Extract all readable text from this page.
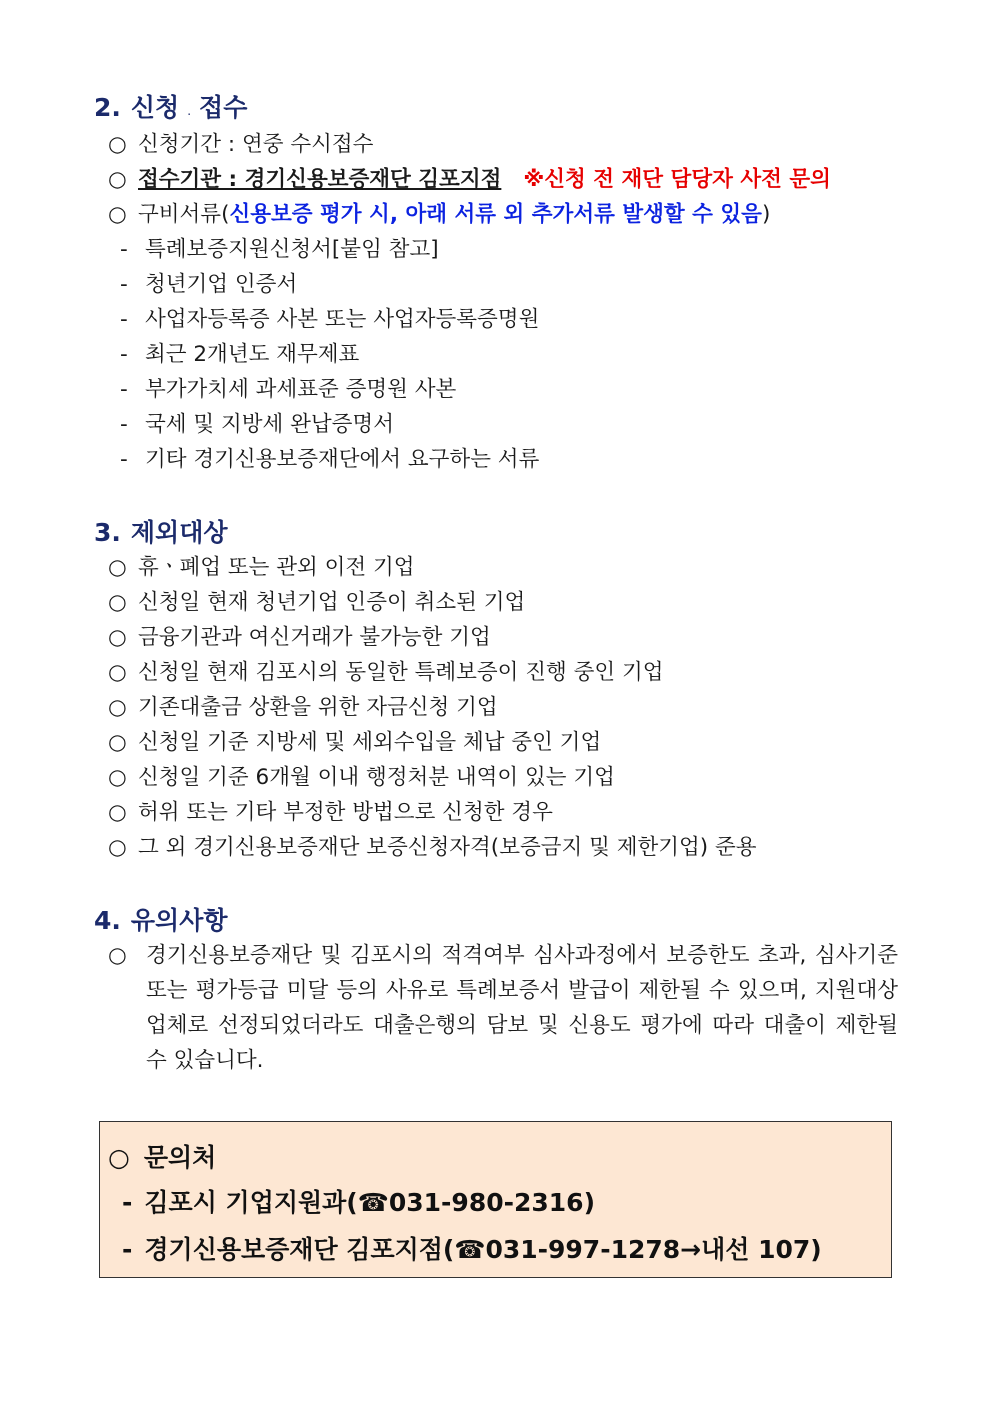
2. 신청 . 접수
○ 신청기간 : 연중 수시접수
○ 접수기관 : 경기신용보증재단 김포지점 ※신청 전 재단 담당자 사전 문의
○ 구비서류(신용보증 평가 시, 아래 서류 외 추가서류 발생할 수 있음)
- 특례보증지원신청서[붙임 참고]
- 청년기업 인증서
- 사업자등록증 사본 또는 사업자등록증명원
- 최근 2개년도 재무제표
- 부가가치세 과세표준 증명원 사본
- 국세 및 지방세 완납증명서
- 기타 경기신용보증재단에서 요구하는 서류
3. 제외대상
○ 휴ㆍ폐업 또는 관외 이전 기업
○ 신청일 현재 청년기업 인증이 취소된 기업
○ 금융기관과 여신거래가 불가능한 기업
○ 신청일 현재 김포시의 동일한 특례보증이 진행 중인 기업
○ 기존대출금 상환을 위한 자금신청 기업
○ 신청일 기준 지방세 및 세외수입을 체납 중인 기업
○ 신청일 기준 6개월 이내 행정처분 내역이 있는 기업
○ 허위 또는 기타 부정한 방법으로 신청한 경우
○ 그 외 경기신용보증재단 보증신청자격(보증금지 및 제한기업) 준용
4. 유의사항
○ 경기신용보증재단 및 김포시의 적격여부 심사과정에서 보증한도 초과, 심사기준 또는 평가등급 미달 등의 사유로 특례보증서 발급이 제한될 수 있으며, 지원대상 업체로 선정되었더라도 대출은행의 담보 및 신용도 평가에 따라 대출이 제한될 수 있습니다.
○ 문의처
- 김포시 기업지원과(☎031-980-2316)
- 경기신용보증재단 김포지점(☎031-997-1278→내선 107)
